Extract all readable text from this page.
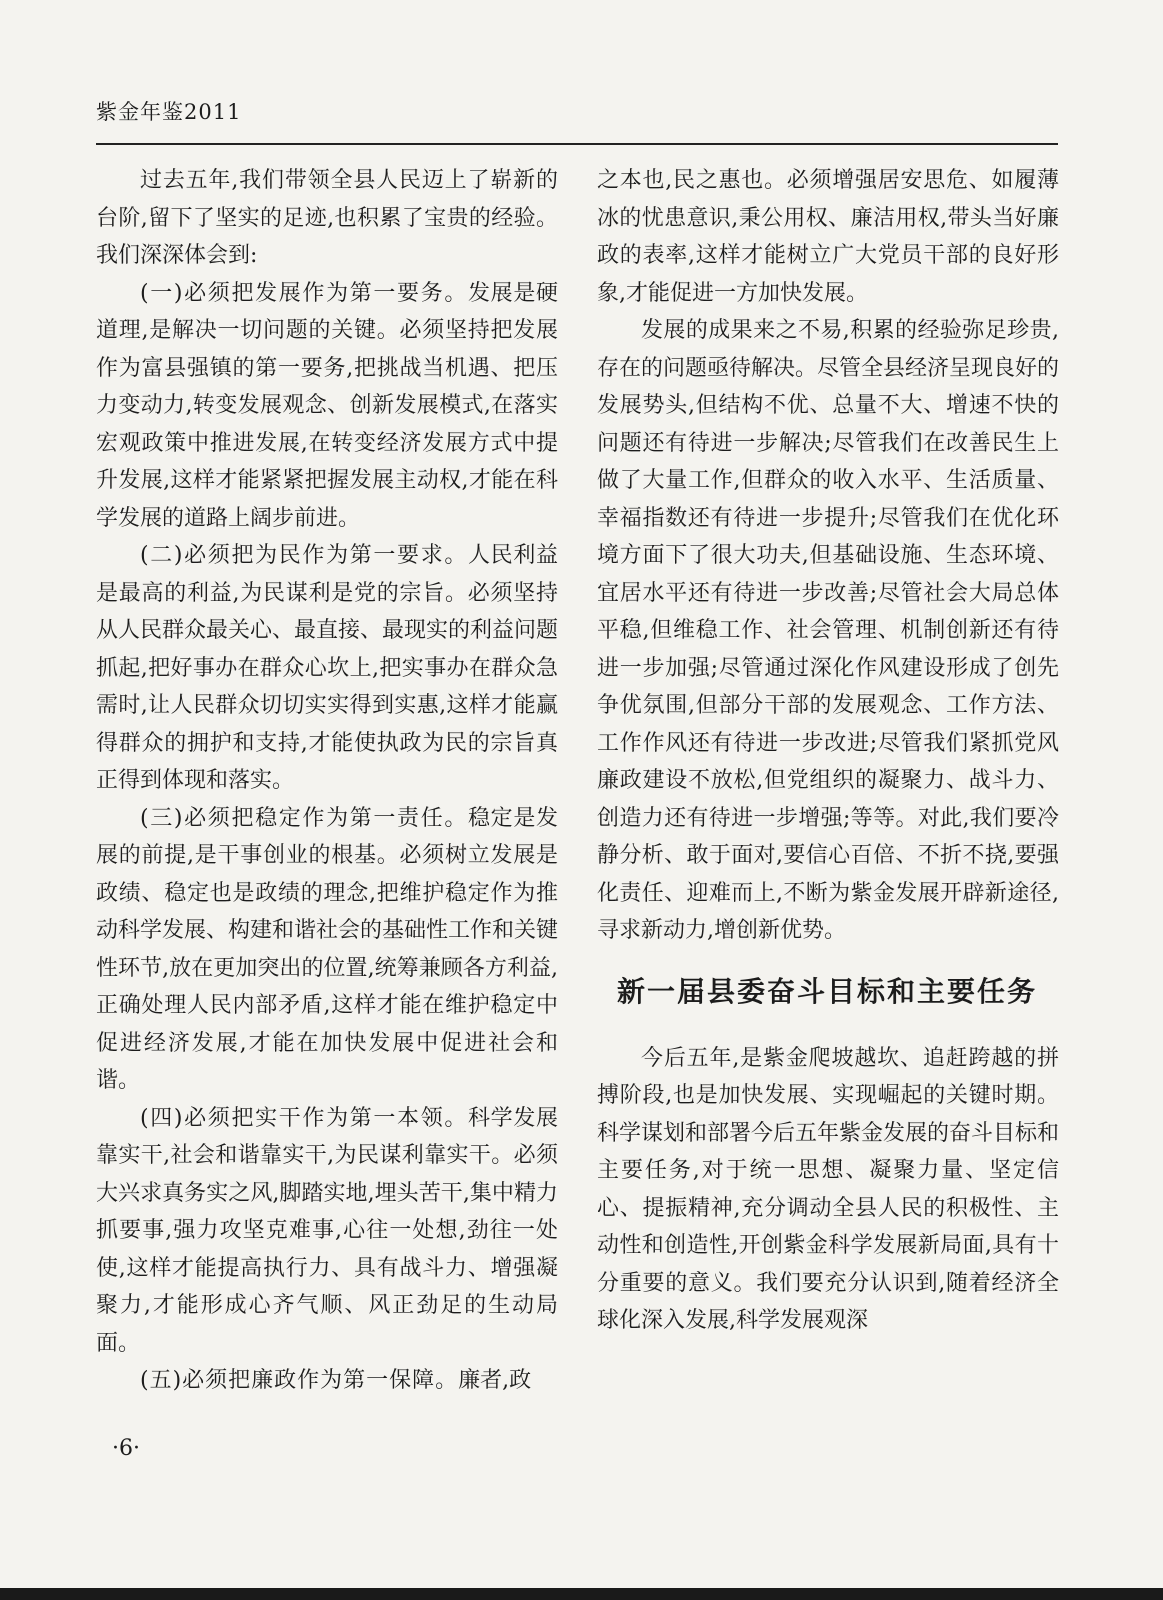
紫金年鉴2011

过去五年,我们带领全县人民迈上了崭新的台阶,留下了坚实的足迹,也积累了宝贵的经验。我们深深体会到:

(一)必须把发展作为第一要务。发展是硬道理,是解决一切问题的关键。必须坚持把发展作为富县强镇的第一要务,把挑战当机遇、把压力变动力,转变发展观念、创新发展模式,在落实宏观政策中推进发展,在转变经济发展方式中提升发展,这样才能紧紧把握发展主动权,才能在科学发展的道路上阔步前进。

(二)必须把为民作为第一要求。人民利益是最高的利益,为民谋利是党的宗旨。必须坚持从人民群众最关心、最直接、最现实的利益问题抓起,把好事办在群众心坎上,把实事办在群众急需时,让人民群众切切实实得到实惠,这样才能赢得群众的拥护和支持,才能使执政为民的宗旨真正得到体现和落实。

(三)必须把稳定作为第一责任。稳定是发展的前提,是干事创业的根基。必须树立发展是政绩、稳定也是政绩的理念,把维护稳定作为推动科学发展、构建和谐社会的基础性工作和关键性环节,放在更加突出的位置,统筹兼顾各方利益,正确处理人民内部矛盾,这样才能在维护稳定中促进经济发展,才能在加快发展中促进社会和谐。

(四)必须把实干作为第一本领。科学发展靠实干,社会和谐靠实干,为民谋利靠实干。必须大兴求真务实之风,脚踏实地,埋头苦干,集中精力抓要事,强力攻坚克难事,心往一处想,劲往一处使,这样才能提高执行力、具有战斗力、增强凝聚力,才能形成心齐气顺、风正劲足的生动局面。

(五)必须把廉政作为第一保障。廉者,政

之本也,民之惠也。必须增强居安思危、如履薄冰的忧患意识,秉公用权、廉洁用权,带头当好廉政的表率,这样才能树立广大党员干部的良好形象,才能促进一方加快发展。

发展的成果来之不易,积累的经验弥足珍贵,存在的问题亟待解决。尽管全县经济呈现良好的发展势头,但结构不优、总量不大、增速不快的问题还有待进一步解决;尽管我们在改善民生上做了大量工作,但群众的收入水平、生活质量、幸福指数还有待进一步提升;尽管我们在优化环境方面下了很大功夫,但基础设施、生态环境、宜居水平还有待进一步改善;尽管社会大局总体平稳,但维稳工作、社会管理、机制创新还有待进一步加强;尽管通过深化作风建设形成了创先争优氛围,但部分干部的发展观念、工作方法、工作作风还有待进一步改进;尽管我们紧抓党风廉政建设不放松,但党组织的凝聚力、战斗力、创造力还有待进一步增强;等等。对此,我们要冷静分析、敢于面对,要信心百倍、不折不挠,要强化责任、迎难而上,不断为紫金发展开辟新途径,寻求新动力,增创新优势。

新一届县委奋斗目标和主要任务

今后五年,是紫金爬坡越坎、追赶跨越的拼搏阶段,也是加快发展、实现崛起的关键时期。科学谋划和部署今后五年紫金发展的奋斗目标和主要任务,对于统一思想、凝聚力量、坚定信心、提振精神,充分调动全县人民的积极性、主动性和创造性,开创紫金科学发展新局面,具有十分重要的意义。我们要充分认识到,随着经济全球化深入发展,科学发展观深

·6·
